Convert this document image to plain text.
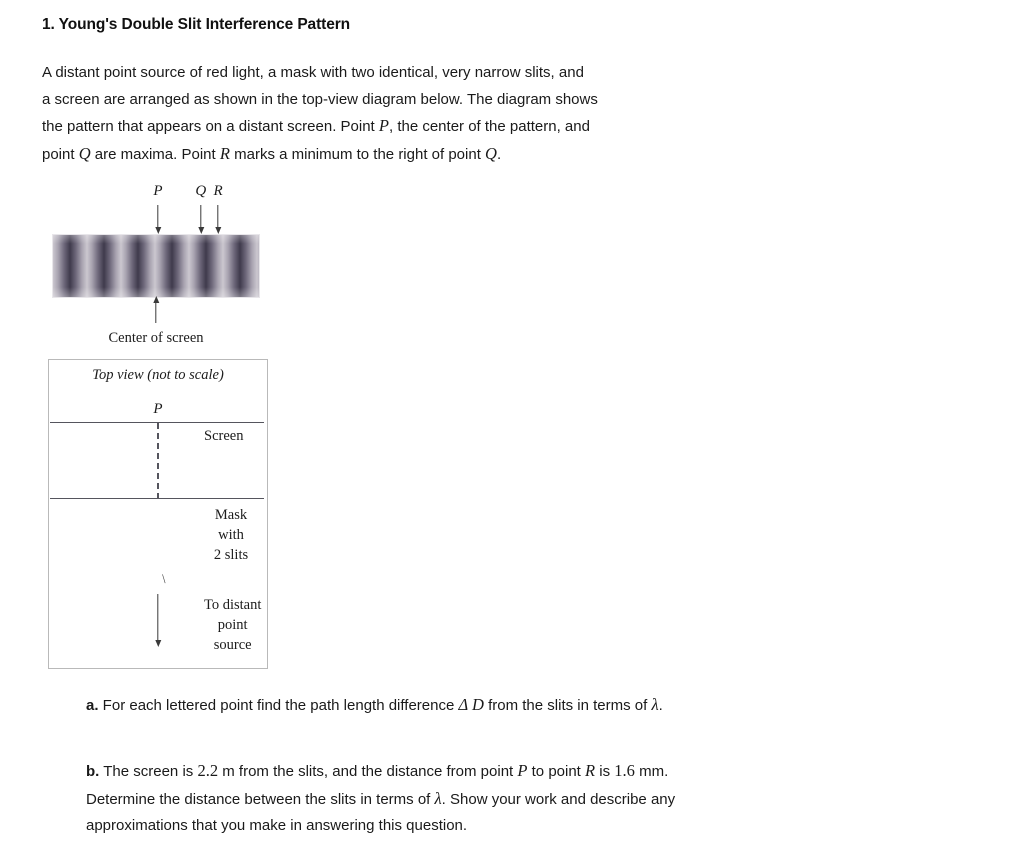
1. Young's Double Slit Interference Pattern
A distant point source of red light, a mask with two identical, very narrow slits, and
a screen are arranged as shown in the top-view diagram below. The diagram shows
the pattern that appears on a distant screen. Point P, the center of the pattern, and
point Q are maxima. Point R marks a minimum to the right of point Q.
P Q R
Center of screen
Top view (not to scale)
P
Screen
Mask
with
2 slits
\
To distant
point
source
a. For each lettered point find the path length difference Δ D from the slits in terms of λ.
b. The screen is 2.2 m from the slits, and the distance from point P to point R is 1.6 mm. Determine the distance between the slits in terms of λ. Show your work and describe any approximations that you make in answering this question.
